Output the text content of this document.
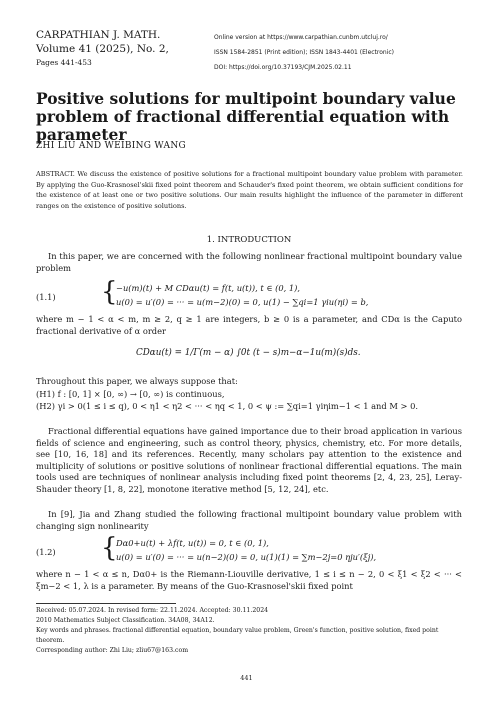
CARPATHIAN J. MATH.
Volume 41 (2025), No. 2,
Pages 441-453
Online version at https://www.carpathian.cunbm.utcluj.ro/
ISSN 1584-2851 (Print edition); ISSN 1843-4401 (Electronic)
DOI: https://doi.org/10.37193/CJM.2025.02.11
Positive solutions for multipoint boundary value problem of fractional differential equation with parameter
ZHI LIU AND WEIBING WANG
ABSTRACT. We discuss the existence of positive solutions for a fractional multipoint boundary value problem with parameter. By applying the Guo-Krasnosel'skii fixed point theorem and Schauder's fixed point theorem, we obtain sufficient conditions for the existence of at least one or two positive solutions. Our main results highlight the influence of the parameter in different ranges on the existence of positive solutions.
1. INTRODUCTION
In this paper, we are concerned with the following nonlinear fractional multipoint boundary value problem
(1.1) {
−u(m)(t) + M CDαu(t) = f(t, u(t)), t ∈ (0, 1),
u(0) = u′(0) = ··· = u(m−2)(0) = 0, u(1) − ∑qi=1 γiu(ηi) = b,
where m − 1 < α < m, m ≥ 2, q ≥ 1 are integers, b ≥ 0 is a parameter, and CDα is the Caputo fractional derivative of α order
CDαu(t) = 1/Γ(m − α) ∫0t (t − s)m−α−1u(m)(s)ds.
Throughout this paper, we always suppose that:
(H1) f : [0, 1] × [0, ∞) → [0, ∞) is continuous,
(H2) γi > 0(1 ≤ i ≤ q), 0 < η1 < η2 < ··· < ηq < 1, 0 < ψ := ∑qi=1 γiηim−1 < 1 and M > 0.
Fractional differential equations have gained importance due to their broad application in various fields of science and engineering, such as control theory, physics, chemistry, etc. For more details, see [10, 16, 18] and its references. Recently, many scholars pay attention to the existence and multiplicity of solutions or positive solutions of nonlinear fractional differential equations. The main tools used are techniques of nonlinear analysis including fixed point theorems [2, 4, 23, 25], Leray-Shauder theory [1, 8, 22], monotone iterative method [5, 12, 24], etc.
In [9], Jia and Zhang studied the following fractional multipoint boundary value problem with changing sign nonlinearity
(1.2) {
Dα0+u(t) + λf(t, u(t)) = 0, t ∈ (0, 1),
u(0) = u′(0) = ··· = u(n−2)(0) = 0, u(1)(1) = ∑m−2j=0 ηju′(ξj),
where n − 1 < α ≤ n, Dα0+ is the Riemann-Liouville derivative, 1 ≤ i ≤ n − 2, 0 < ξ1 < ξ2 < ··· < ξm−2 < 1, λ is a parameter. By means of the Guo-Krasnosel'skii fixed point
Received: 05.07.2024. In revised form: 22.11.2024. Accepted: 30.11.2024
2010 Mathematics Subject Classification. 34A08, 34A12.
Key words and phrases. fractional differential equation, boundary value problem, Green's function, positive solution, fixed point theorem.
Corresponding author: Zhi Liu; zliu67@163.com
441
